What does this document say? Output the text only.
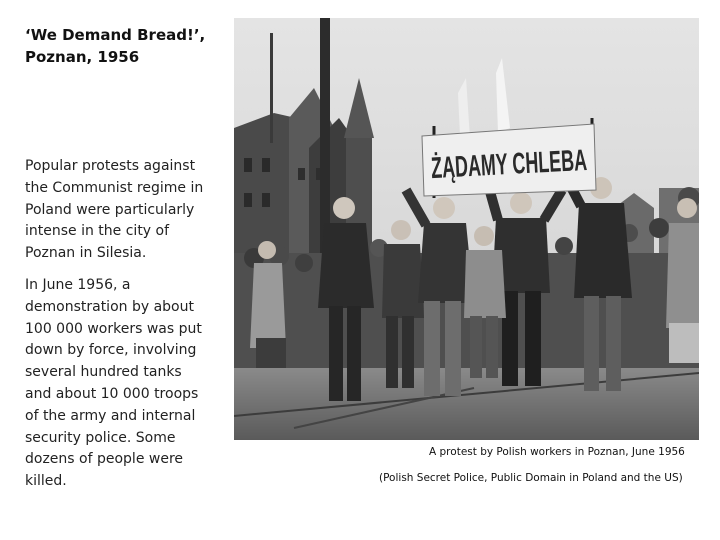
‘We Demand Bread!’,
Poznan, 1956
Popular protests against
the Communist regime in
Poland were particularly
intense in the city of
Poznan in Silesia.
In June 1956, a
demonstration by about
100 000 workers was put
down by force, involving
several hundred tanks
and about 10 000 troops
of the army and internal
security police. Some
dozens of people were
killed.
ŻĄDAMY CHLEBA
A protest by Polish workers in Poznan, June 1956
(Polish Secret Police, Public Domain in Poland and the US)
